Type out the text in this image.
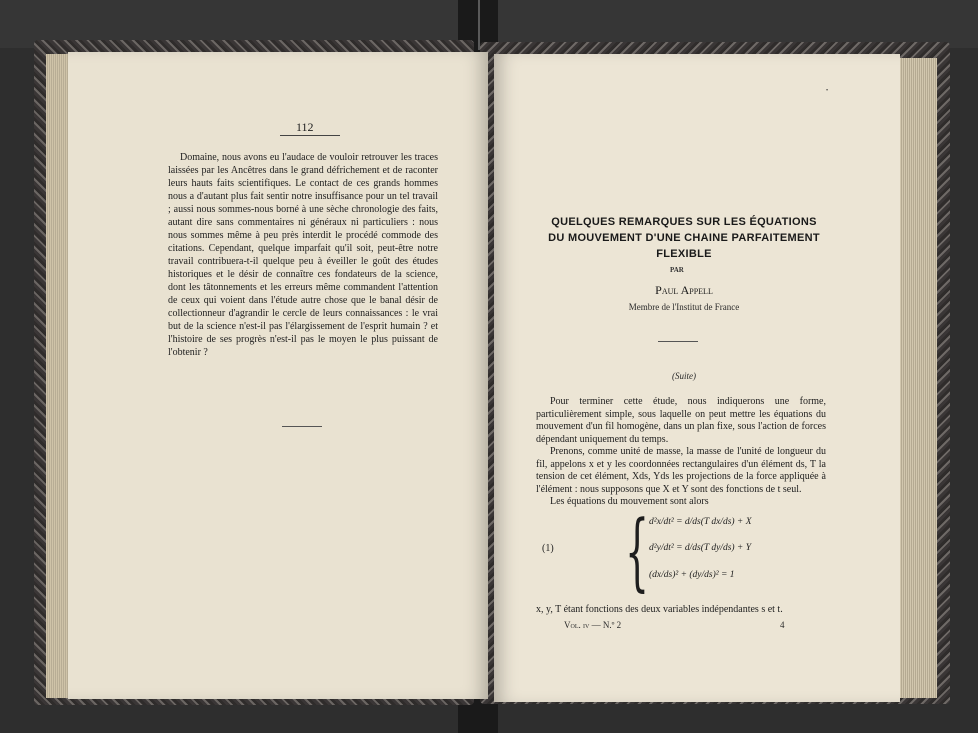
112

Domaine, nous avons eu l'audace de vouloir retrouver les traces laissées par les Ancêtres dans le grand défrichement et de raconter leurs hauts faits scientifiques. Le contact de ces grands hommes nous a d'autant plus fait sentir notre insuffisance pour un tel travail ; aussi nous sommes-nous borné à une sèche chronologie des faits, autant dire sans commentaires ni généraux ni particuliers : nous nous sommes même à peu près interdit le procédé commode des citations. Cependant, quelque imparfait qu'il soit, peut-être notre travail contribuera-t-il quelque peu à éveiller le goût des études historiques et le désir de connaître ces fondateurs de la science, dont les tâtonnements et les erreurs même commandent l'attention de ceux qui voient dans l'étude autre chose que le banal désir de collectionneur d'agrandir le cercle de leurs connaissances : le vrai but de la science n'est-il pas l'élargissement de l'esprit humain ? et l'histoire de ses progrès n'est-il pas le moyen le plus puissant de l'obtenir ?

•
QUELQUES REMARQUES SUR LES ÉQUATIONS
DU MOUVEMENT D'UNE CHAINE PARFAITEMENT FLEXIBLE
PAR
Paul Appell
Membre de l'Institut de France
(Suite)

Pour terminer cette étude, nous indiquerons une forme, particulièrement simple, sous laquelle on peut mettre les équations du mouvement d'un fil homogène, dans un plan fixe, sous l'action de forces dépendant uniquement du temps.

Prenons, comme unité de masse, la masse de l'unité de longueur du fil, appelons x et y les coordonnées rectangulaires d'un élément ds, T la tension de cet élément, Xds, Yds les projections de la force appliquée à l'élément : nous supposons que X et Y sont des fonctions de t seul.

Les équations du mouvement sont alors

(1) { d²x/dt² = d/ds(T dx/ds) + X
d²y/dt² = d/ds(T dy/ds) + Y
(dx/ds)² + (dy/ds)² = 1
x, y, T étant fonctions des deux variables indépendantes s et t.
Vol. iv — N.º 2	4
